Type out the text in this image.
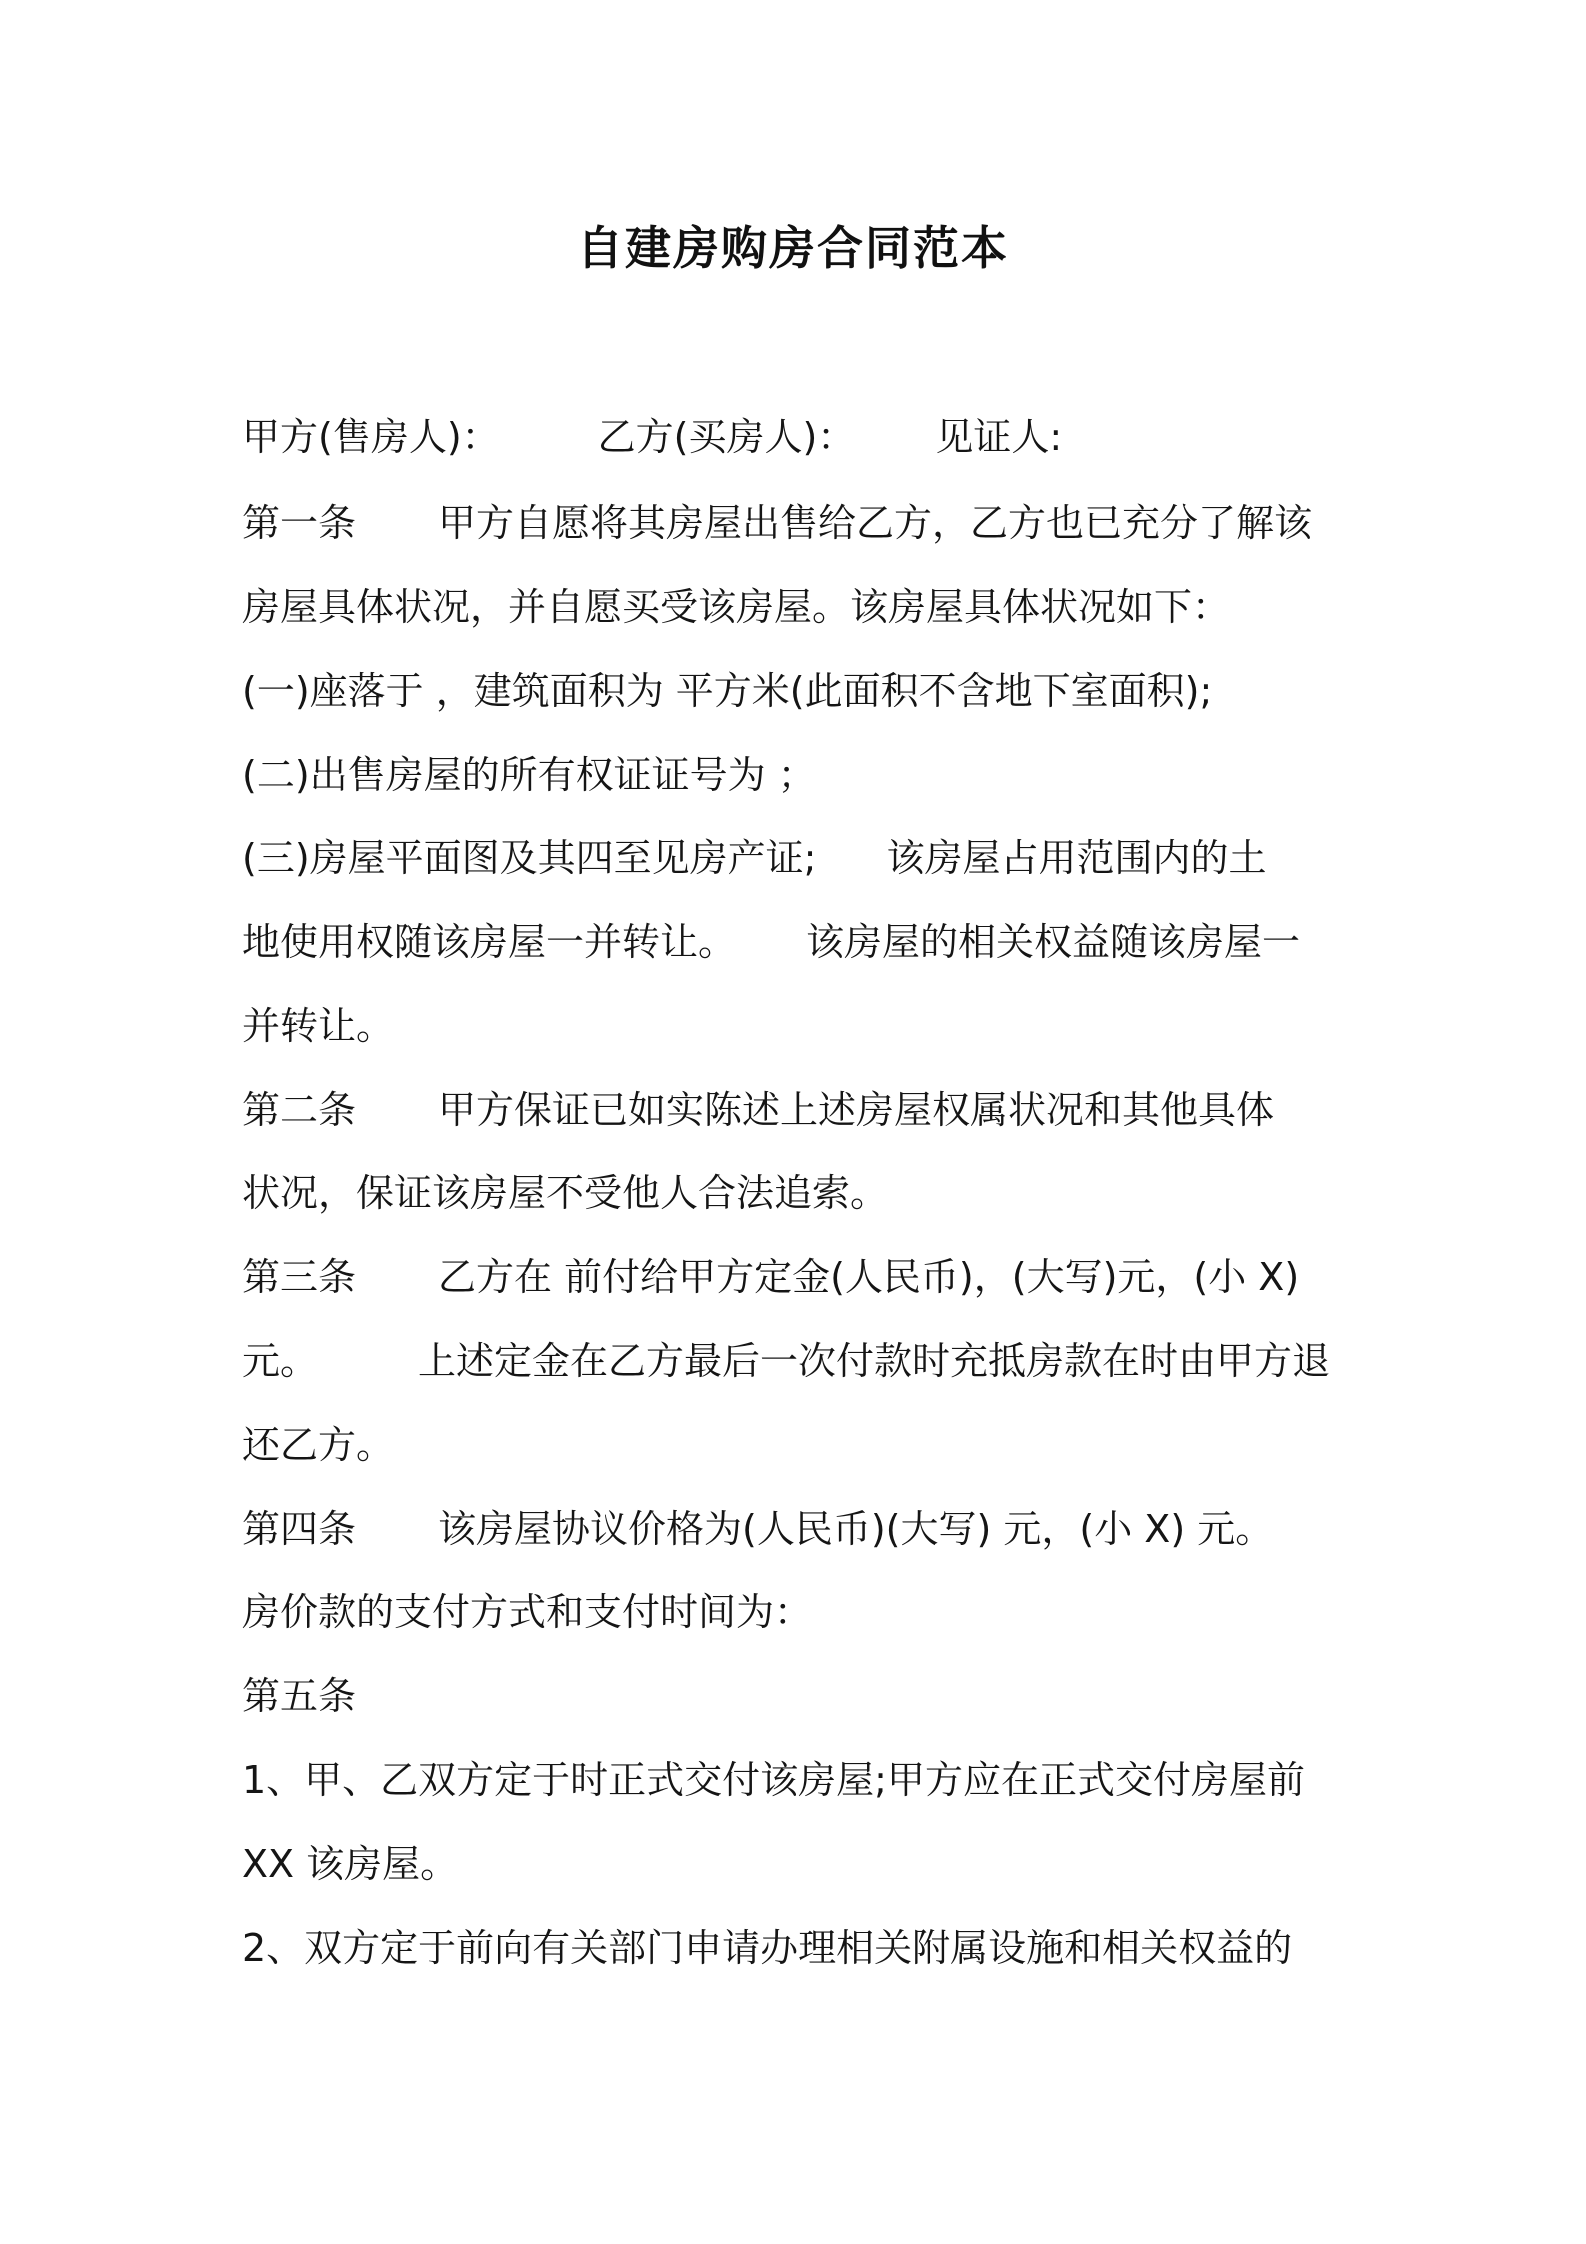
自建房购房合同范本
甲方(售房人)：	乙方(买房人)： 见证人:
第一条 甲方自愿将其房屋出售给乙方，乙方也已充分了解该
房屋具体状况，并自愿买受该房屋。该房屋具体状况如下：
(一)座落于 ，建筑面积为 平方米(此面积不含地下室面积);
(二)出售房屋的所有权证证号为 ；
(三)房屋平面图及其四至见房产证; 该房屋占用范围内的土
地使用权随该房屋一并转让。 该房屋的相关权益随该房屋一
并转让。
第二条 甲方保证已如实陈述上述房屋权属状况和其他具体
状况，保证该房屋不受他人合法追索。
第三条 乙方在 前付给甲方定金(人民币)，(大写)元，(小 X)
元。	上述定金在乙方最后一次付款时充抵房款在时由甲方退
还乙方。
第四条 该房屋协议价格为(人民币)(大写) 元，(小 X) 元。
房价款的支付方式和支付时间为：
第五条
1、甲、乙双方定于时正式交付该房屋;甲方应在正式交付房屋前
XX 该房屋。
2、双方定于前向有关部门申请办理相关附属设施和相关权益的
